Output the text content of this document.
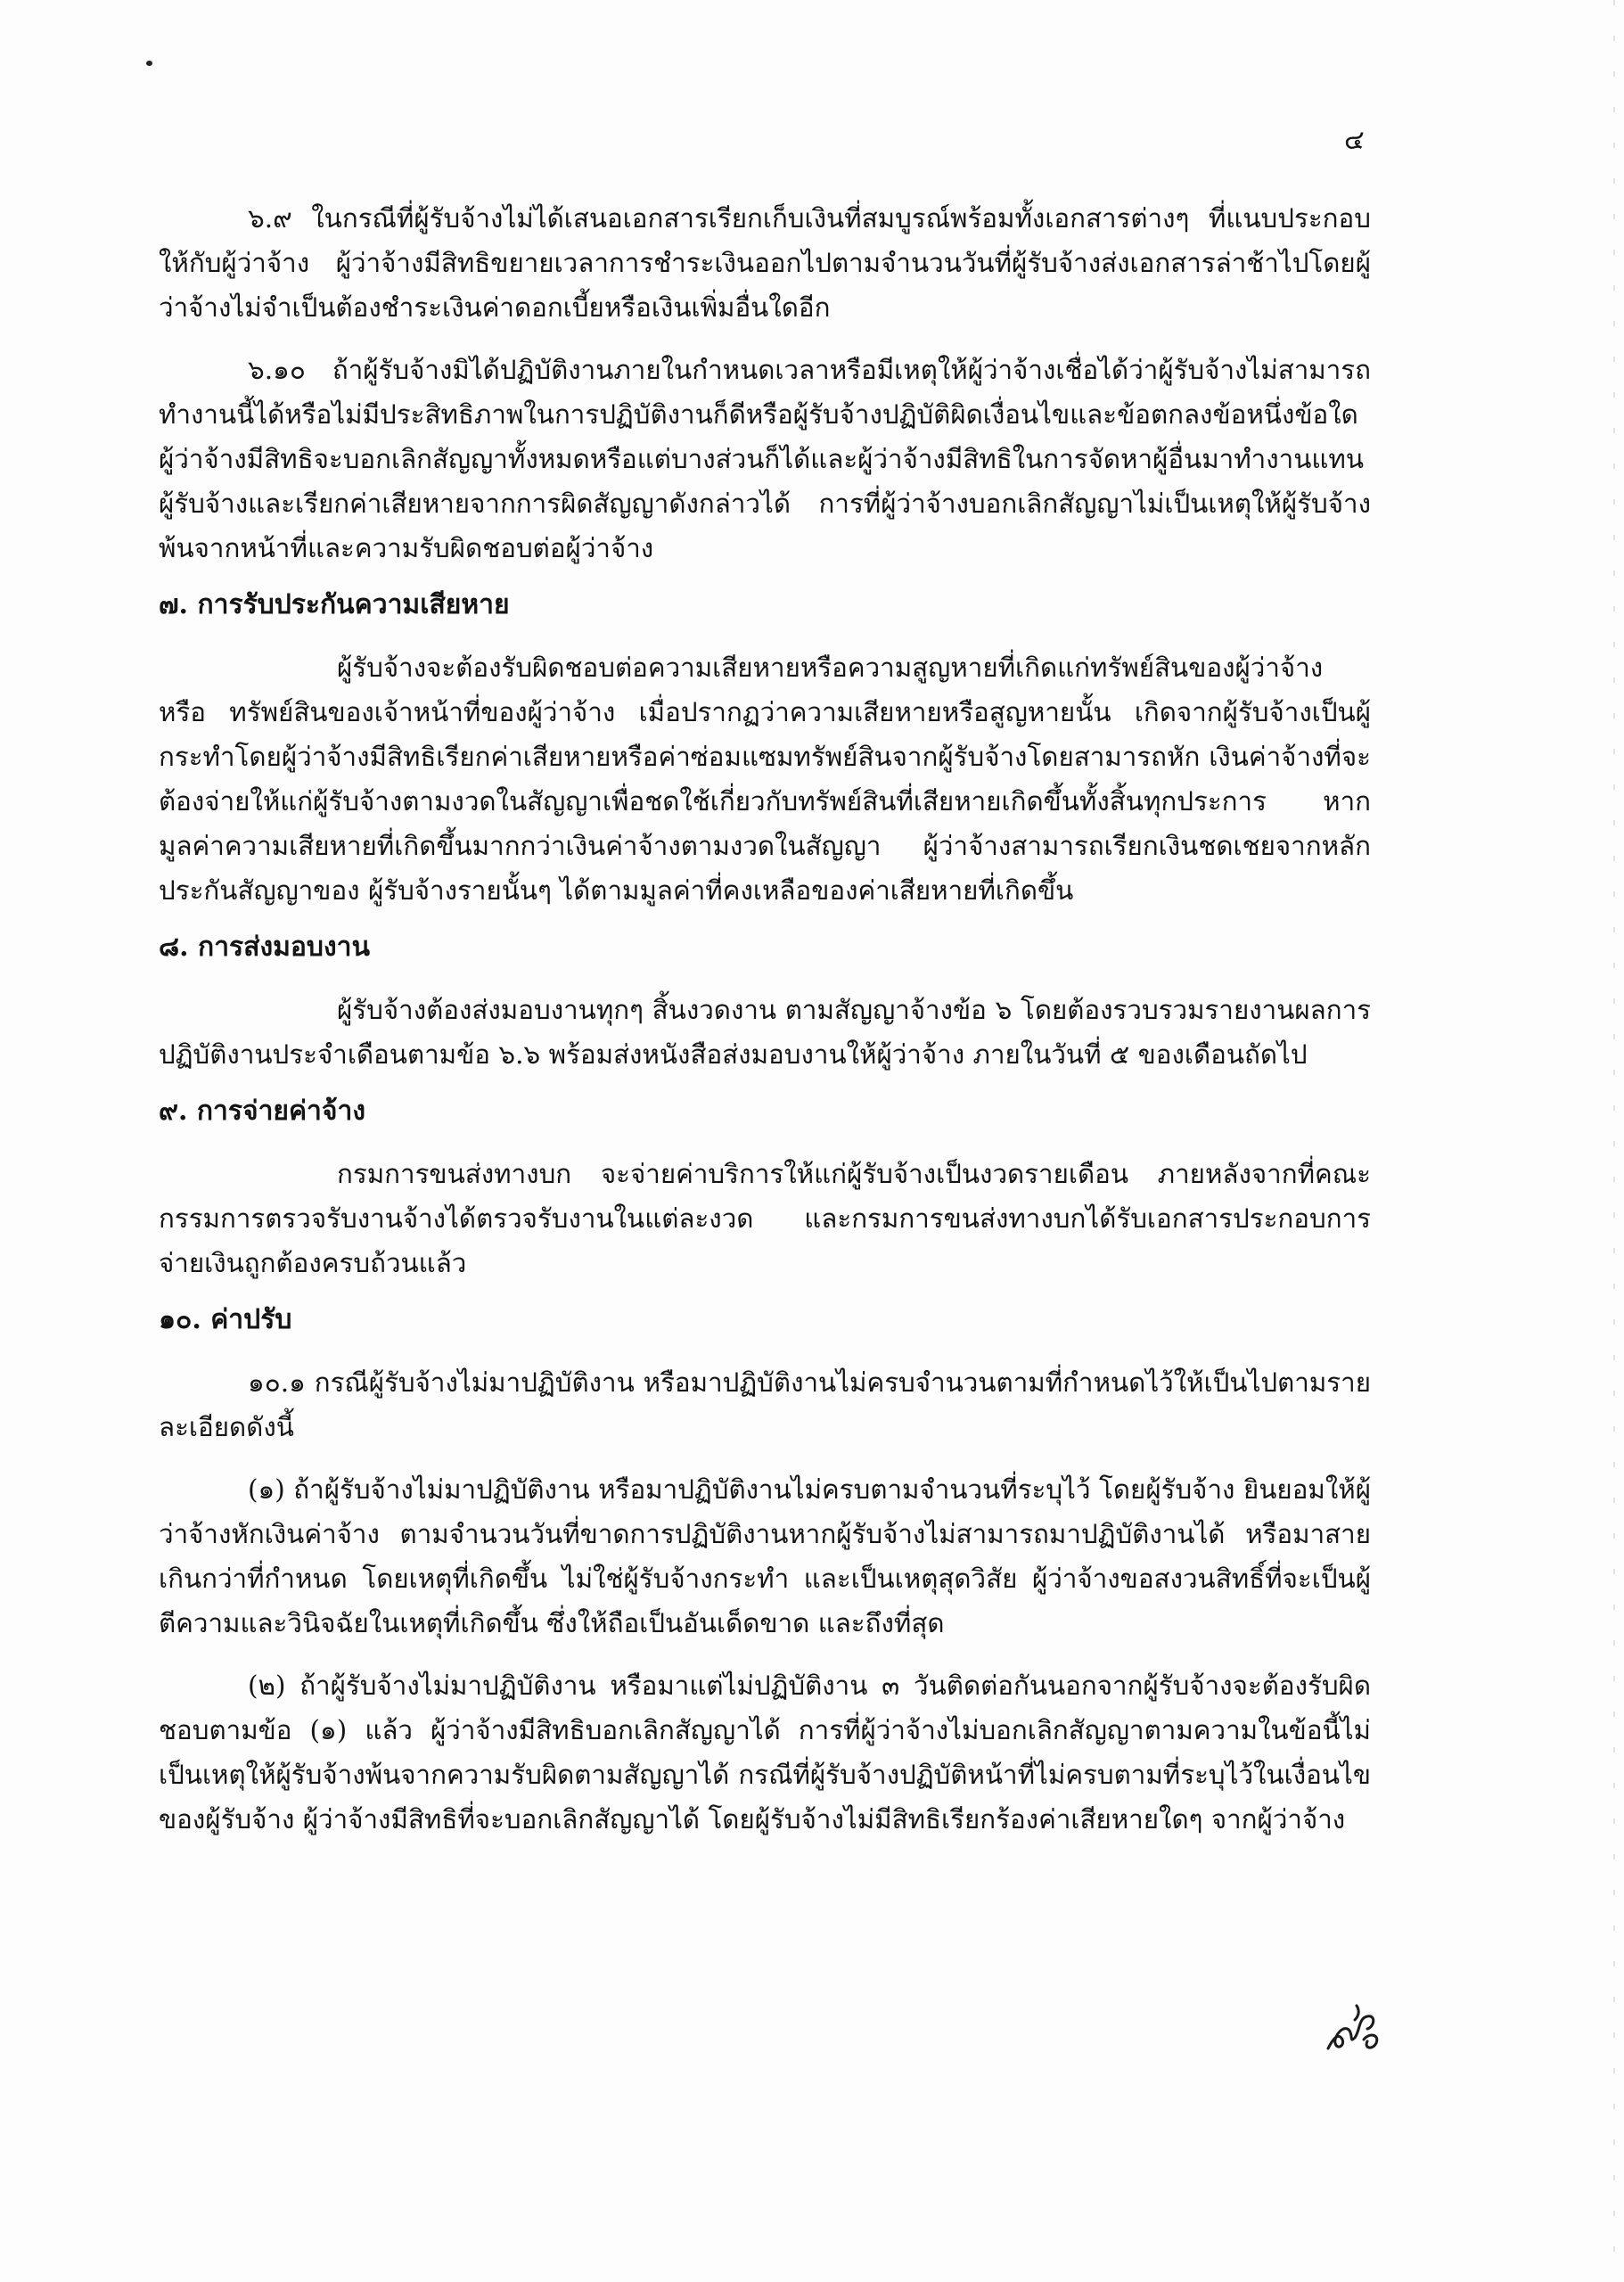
๔

๖.๙ ในกรณีที่ผู้รับจ้างไม่ได้เสนอเอกสารเรียกเก็บเงินที่สมบูรณ์พร้อมทั้งเอกสารต่างๆ ที่แนบประกอบให้กับผู้ว่าจ้าง ผู้ว่าจ้างมีสิทธิขยายเวลาการชำระเงินออกไปตามจำนวนวันที่ผู้รับจ้างส่งเอกสารล่าช้าไปโดยผู้ว่าจ้างไม่จำเป็นต้องชำระเงินค่าดอกเบี้ยหรือเงินเพิ่มอื่นใดอีก

๖.๑๐ ถ้าผู้รับจ้างมิได้ปฏิบัติงานภายในกำหนดเวลาหรือมีเหตุให้ผู้ว่าจ้างเชื่อได้ว่าผู้รับจ้างไม่สามารถทำงานนี้ได้หรือไม่มีประสิทธิภาพในการปฏิบัติงานก็ดีหรือผู้รับจ้างปฏิบัติผิดเงื่อนไขและข้อตกลงข้อหนึ่งข้อใดผู้ว่าจ้างมีสิทธิจะบอกเลิกสัญญาทั้งหมดหรือแต่บางส่วนก็ได้และผู้ว่าจ้างมีสิทธิในการจัดหาผู้อื่นมาทำงานแทนผู้รับจ้างและเรียกค่าเสียหายจากการผิดสัญญาดังกล่าวได้ การที่ผู้ว่าจ้างบอกเลิกสัญญาไม่เป็นเหตุให้ผู้รับจ้างพ้นจากหน้าที่และความรับผิดชอบต่อผู้ว่าจ้าง

๗. การรับประกันความเสียหาย

ผู้รับจ้างจะต้องรับผิดชอบต่อความเสียหายหรือความสูญหายที่เกิดแก่ทรัพย์สินของผู้ว่าจ้าง หรือ ทรัพย์สินของเจ้าหน้าที่ของผู้ว่าจ้าง เมื่อปรากฏว่าความเสียหายหรือสูญหายนั้น เกิดจากผู้รับจ้างเป็นผู้กระทำโดยผู้ว่าจ้างมีสิทธิเรียกค่าเสียหายหรือค่าซ่อมแซมทรัพย์สินจากผู้รับจ้างโดยสามารถหัก เงินค่าจ้างที่จะต้องจ่ายให้แก่ผู้รับจ้างตามงวดในสัญญาเพื่อชดใช้เกี่ยวกับทรัพย์สินที่เสียหายเกิดขึ้นทั้งสิ้นทุกประการ หากมูลค่าความเสียหายที่เกิดขึ้นมากกว่าเงินค่าจ้างตามงวดในสัญญา ผู้ว่าจ้างสามารถเรียกเงินชดเชยจากหลักประกันสัญญาของ ผู้รับจ้างรายนั้นๆ ได้ตามมูลค่าที่คงเหลือของค่าเสียหายที่เกิดขึ้น

๘. การส่งมอบงาน

ผู้รับจ้างต้องส่งมอบงานทุกๆ สิ้นงวดงาน ตามสัญญาจ้างข้อ ๖ โดยต้องรวบรวมรายงานผลการปฏิบัติงานประจำเดือนตามข้อ ๖.๖ พร้อมส่งหนังสือส่งมอบงานให้ผู้ว่าจ้าง ภายในวันที่ ๕ ของเดือนถัดไป

๙. การจ่ายค่าจ้าง

กรมการขนส่งทางบก จะจ่ายค่าบริการให้แก่ผู้รับจ้างเป็นงวดรายเดือน ภายหลังจากที่คณะกรรมการตรวจรับงานจ้างได้ตรวจรับงานในแต่ละงวด และกรมการขนส่งทางบกได้รับเอกสารประกอบการจ่ายเงินถูกต้องครบถ้วนแล้ว

๑๐. ค่าปรับ

๑๐.๑ กรณีผู้รับจ้างไม่มาปฏิบัติงาน หรือมาปฏิบัติงานไม่ครบจำนวนตามที่กำหนดไว้ให้เป็นไปตามรายละเอียดดังนี้

(๑) ถ้าผู้รับจ้างไม่มาปฏิบัติงาน หรือมาปฏิบัติงานไม่ครบตามจำนวนที่ระบุไว้ โดยผู้รับจ้าง ยินยอมให้ผู้ว่าจ้างหักเงินค่าจ้าง ตามจำนวนวันที่ขาดการปฏิบัติงานหากผู้รับจ้างไม่สามารถมาปฏิบัติงานได้ หรือมาสายเกินกว่าที่กำหนด โดยเหตุที่เกิดขึ้น ไม่ใช่ผู้รับจ้างกระทำ และเป็นเหตุสุดวิสัย ผู้ว่าจ้างขอสงวนสิทธิ์ที่จะเป็นผู้ตีความและวินิจฉัยในเหตุที่เกิดขึ้น ซึ่งให้ถือเป็นอันเด็ดขาด และถึงที่สุด

(๒) ถ้าผู้รับจ้างไม่มาปฏิบัติงาน หรือมาแต่ไม่ปฏิบัติงาน ๓ วันติดต่อกันนอกจากผู้รับจ้างจะต้องรับผิดชอบตามข้อ (๑) แล้ว ผู้ว่าจ้างมีสิทธิบอกเลิกสัญญาได้ การที่ผู้ว่าจ้างไม่บอกเลิกสัญญาตามความในข้อนี้ไม่เป็นเหตุให้ผู้รับจ้างพ้นจากความรับผิดตามสัญญาได้ กรณีที่ผู้รับจ้างปฏิบัติหน้าที่ไม่ครบตามที่ระบุไว้ในเงื่อนไขของผู้รับจ้าง ผู้ว่าจ้างมีสิทธิที่จะบอกเลิกสัญญาได้ โดยผู้รับจ้างไม่มีสิทธิเรียกร้องค่าเสียหายใดๆ จากผู้ว่าจ้าง
